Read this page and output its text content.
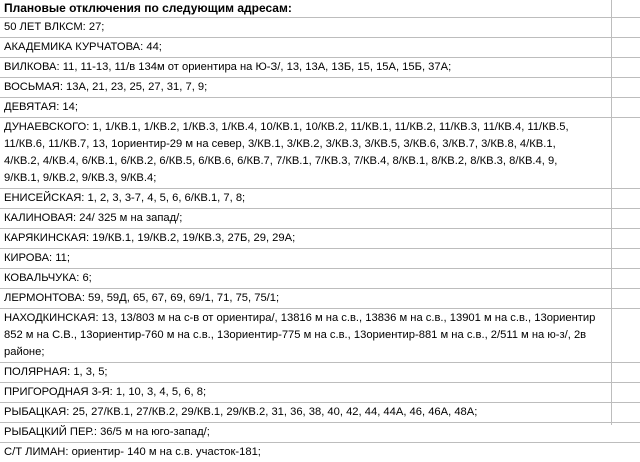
Плановые отключения по следующим адресам:
50 ЛЕТ ВЛКСМ: 27;
АКАДЕМИКА КУРЧАТОВА: 44;
ВИЛКОВА: 11, 11-13, 11/в 134м от ориентира на Ю-З/, 13, 13А, 13Б, 15, 15А, 15Б, 37А;
ВОСЬМАЯ: 13А, 21, 23, 25, 27, 31, 7, 9;
ДЕВЯТАЯ: 14;
ДУНАЕВСКОГО: 1, 1/КВ.1, 1/КВ.2, 1/КВ.3, 1/КВ.4, 10/КВ.1, 10/КВ.2, 11/КВ.1, 11/КВ.2, 11/КВ.3, 11/КВ.4, 11/КВ.5,
11/КВ.6, 11/КВ.7, 13, 1ориентир-29 м на север, 3/КВ.1, 3/КВ.2, 3/КВ.3, 3/КВ.5, 3/КВ.6, 3/КВ.7, 3/КВ.8, 4/КВ.1,
4/КВ.2, 4/КВ.4, 6/КВ.1, 6/КВ.2, 6/КВ.5, 6/КВ.6, 6/КВ.7, 7/КВ.1, 7/КВ.3, 7/КВ.4, 8/КВ.1, 8/КВ.2, 8/КВ.3, 8/КВ.4, 9,
9/КВ.1, 9/КВ.2, 9/КВ.3, 9/КВ.4;
ЕНИСЕЙСКАЯ: 1, 2, 3, 3-7, 4, 5, 6, 6/КВ.1, 7, 8;
КАЛИНОВАЯ: 24/ 325 м на запад/;
КАРЯКИНСКАЯ: 19/КВ.1, 19/КВ.2, 19/КВ.3, 27Б, 29, 29А;
КИРОВА: 11;
КОВАЛЬЧУКА: 6;
ЛЕРМОНТОВА: 59, 59Д, 65, 67, 69, 69/1, 71, 75, 75/1;
НАХОДКИНСКАЯ: 13, 13/803 м на с-в от ориентира/, 13816 м на с.в., 13836 м на с.в., 13901 м на с.в., 13ориентир
852 м на С.В., 13ориентир-760 м на с.в., 13ориентир-775 м на с.в., 13ориентир-881 м на с.в., 2/511 м на ю-з/, 2в
районе;
ПОЛЯРНАЯ: 1, 3, 5;
ПРИГОРОДНАЯ 3-Я: 1, 10, 3, 4, 5, 6, 8;
РЫБАЦКАЯ: 25, 27/КВ.1, 27/КВ.2, 29/КВ.1, 29/КВ.2, 31, 36, 38, 40, 42, 44, 44А, 46, 46А, 48А;
РЫБАЦКИЙ ПЕР.: 36/5 м на юго-запад/;
С/Т ЛИМАН: ориентир- 140 м на с.в. участок-181;
